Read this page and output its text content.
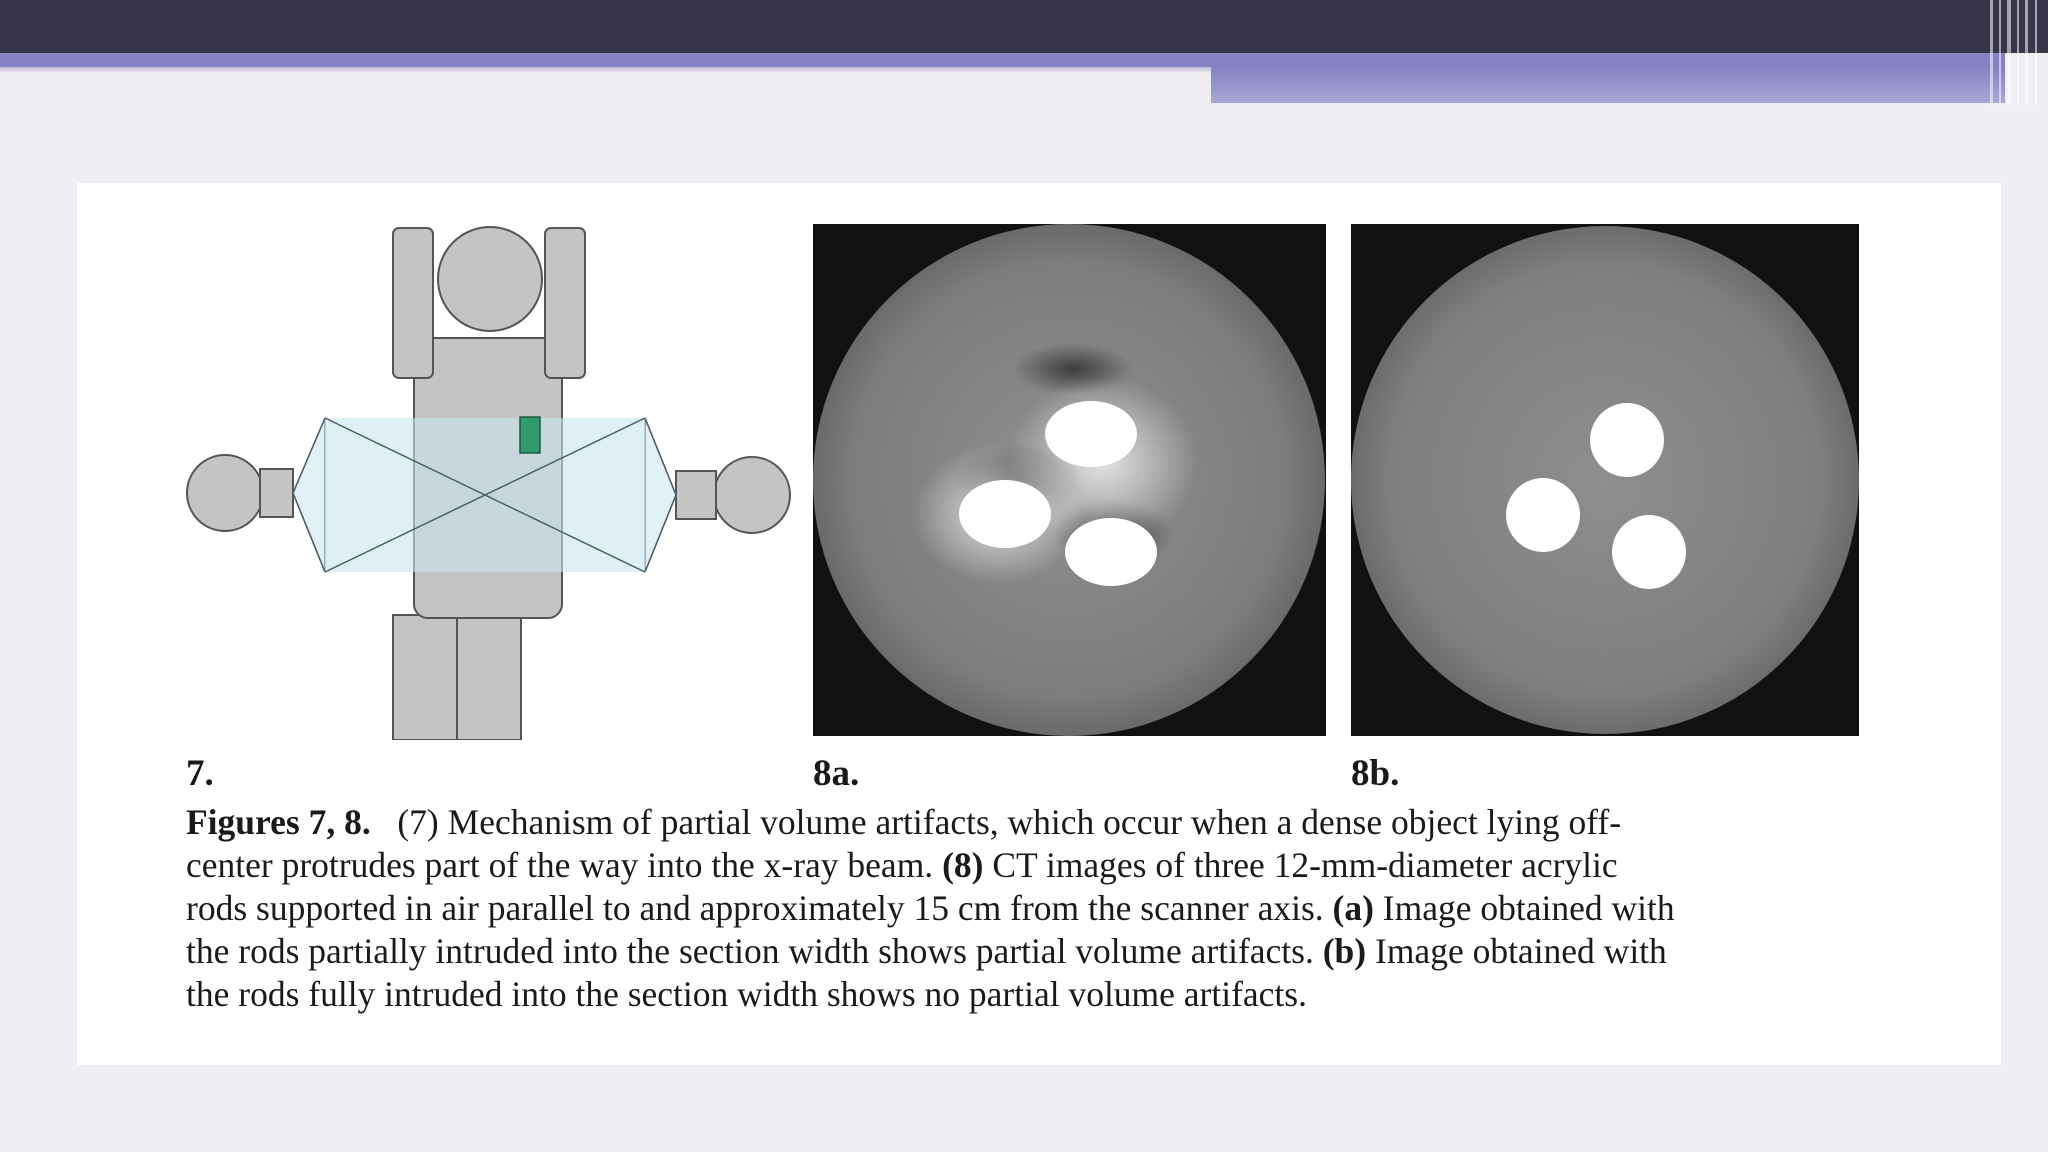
7.	8a.	8b.
Figures 7, 8.   (7) Mechanism of partial volume artifacts, which occur when a dense object lying off-
center protrudes part of the way into the x-ray beam. (8) CT images of three 12-mm-diameter acrylic
rods supported in air parallel to and approximately 15 cm from the scanner axis. (a) Image obtained with
the rods partially intruded into the section width shows partial volume artifacts. (b) Image obtained with
the rods fully intruded into the section width shows no partial volume artifacts.
